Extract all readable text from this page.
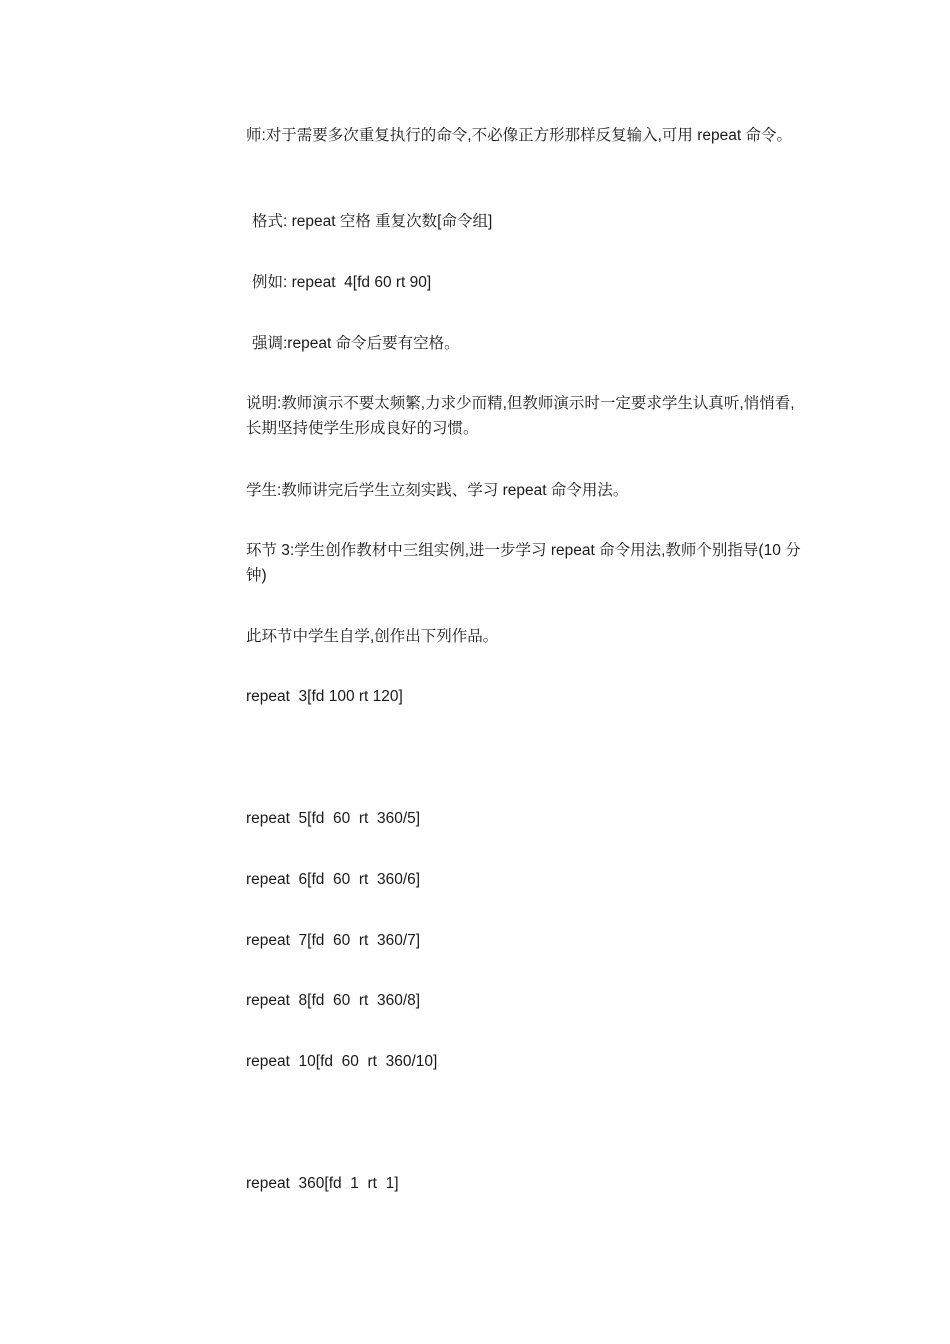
师:对于需要多次重复执行的命令,不必像正方形那样反复输入,可用 repeat 命令。

格式: repeat 空格 重复次数[命令组]

例如: repeat  4[fd 60 rt 90]

强调:repeat 命令后要有空格。

说明:教师演示不要太频繁,力求少而精,但教师演示时一定要求学生认真听,悄悄看,长期坚持使学生形成良好的习惯。

学生:教师讲完后学生立刻实践、学习 repeat 命令用法。

环节 3:学生创作教材中三组实例,进一步学习 repeat 命令用法,教师个别指导(10 分钟)

此环节中学生自学,创作出下列作品。

repeat  3[fd 100 rt 120]

repeat  5[fd  60  rt  360/5]

repeat  6[fd  60  rt  360/6]

repeat  7[fd  60  rt  360/7]

repeat  8[fd  60  rt  360/8]

repeat  10[fd  60  rt  360/10]

repeat  360[fd  1  rt  1]
